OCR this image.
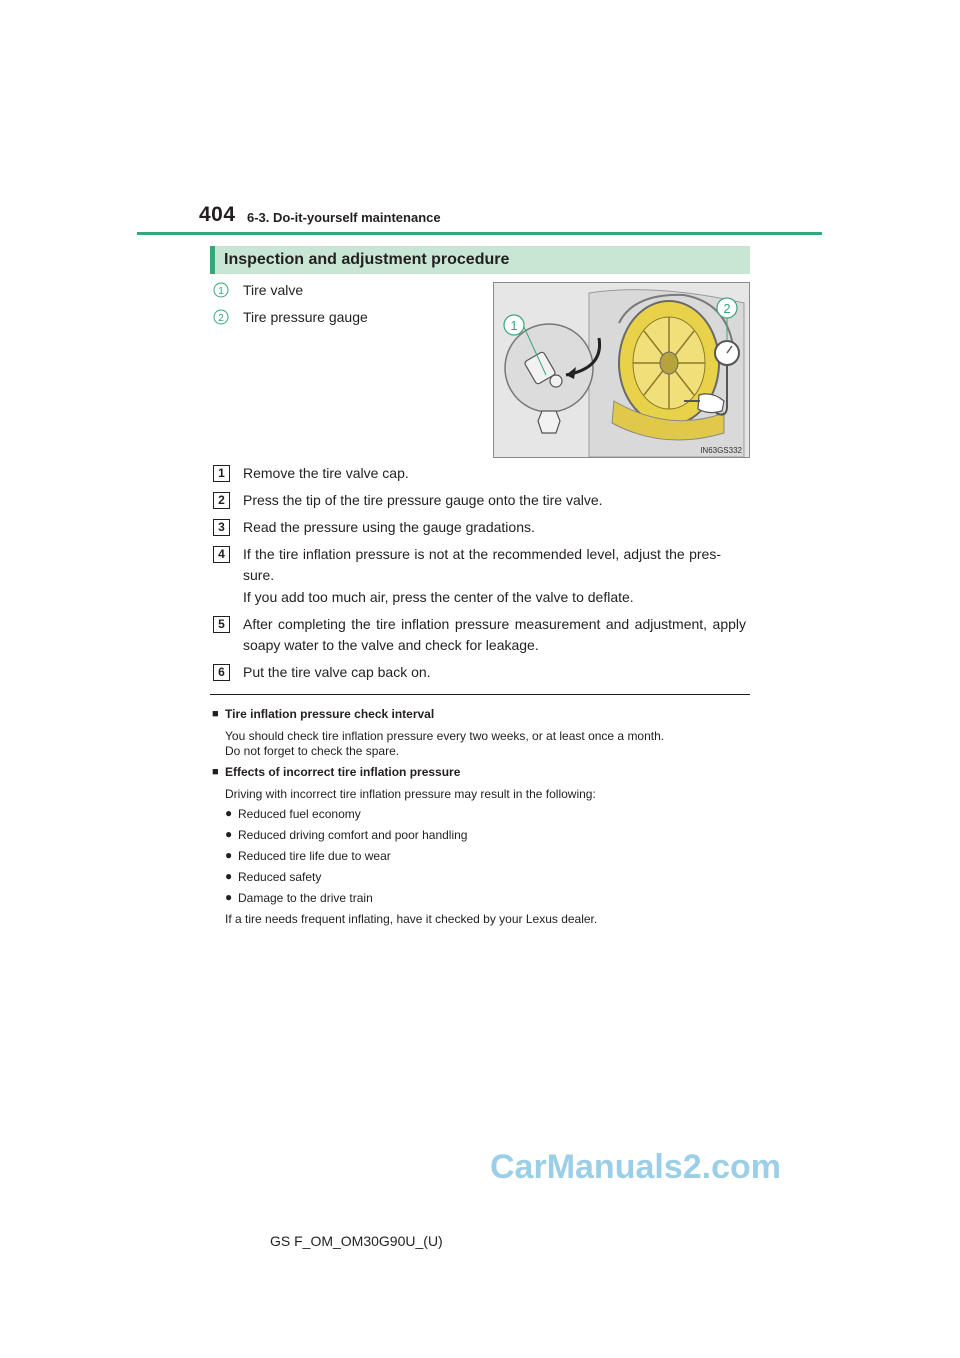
404 6-3. Do-it-yourself maintenance
Inspection and adjustment procedure
1 Tire valve
2 Tire pressure gauge
1
2
IN63GS332
1	Remove the tire valve cap.
2	Press the tip of the tire pressure gauge onto the tire valve.
3	Read the pressure using the gauge gradations.
4	If the tire inflation pressure is not at the recommended level, adjust the pres-sure.
If you add too much air, press the center of the valve to deflate.
5	After completing the tire inflation pressure measurement and adjustment, apply soapy water to the valve and check for leakage.
6	Put the tire valve cap back on.
■ Tire inflation pressure check interval
You should check tire inflation pressure every two weeks, or at least once a month.
Do not forget to check the spare.
■ Effects of incorrect tire inflation pressure
Driving with incorrect tire inflation pressure may result in the following:
● Reduced fuel economy
● Reduced driving comfort and poor handling
● Reduced tire life due to wear
● Reduced safety
● Damage to the drive train
If a tire needs frequent inflating, have it checked by your Lexus dealer.
CarManuals2.com
GS F_OM_OM30G90U_(U)
